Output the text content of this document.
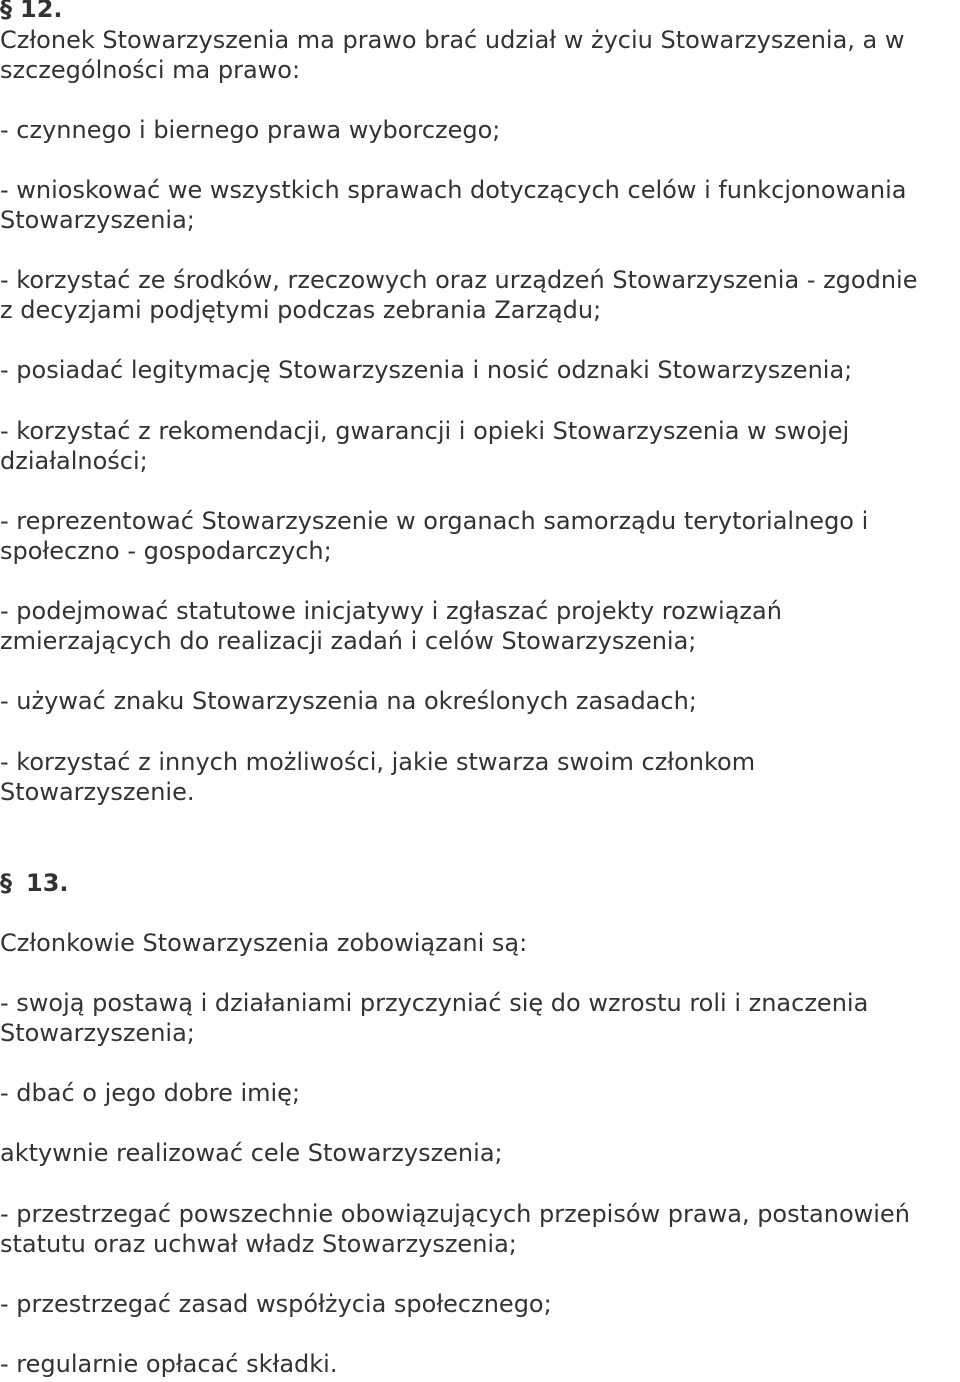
§ 12.
Członek Stowarzyszenia ma prawo brać udział w życiu Stowarzyszenia, a w
szczególności ma prawo:
- czynnego i biernego prawa wyborczego;
- wnioskować we wszystkich sprawach dotyczących celów i funkcjonowania
Stowarzyszenia;
- korzystać ze środków, rzeczowych oraz urządzeń Stowarzyszenia - zgodnie
z decyzjami podjętymi podczas zebrania Zarządu;
- posiadać legitymację Stowarzyszenia i nosić odznaki Stowarzyszenia;
- korzystać z rekomendacji, gwarancji i opieki Stowarzyszenia w swojej
działalności;
- reprezentować Stowarzyszenie w organach samorządu terytorialnego i
społeczno - gospodarczych;
- podejmować statutowe inicjatywy i zgłaszać projekty rozwiązań
zmierzających do realizacji zadań i celów Stowarzyszenia;
- używać znaku Stowarzyszenia na określonych zasadach;
- korzystać z innych możliwości, jakie stwarza swoim członkom
Stowarzyszenie.
§ 13.
Członkowie Stowarzyszenia zobowiązani są:
- swoją postawą i działaniami przyczyniać się do wzrostu roli i znaczenia
Stowarzyszenia;
- dbać o jego dobre imię;
aktywnie realizować cele Stowarzyszenia;
- przestrzegać powszechnie obowiązujących przepisów prawa, postanowień
statutu oraz uchwał władz Stowarzyszenia;
- przestrzegać zasad współżycia społecznego;
- regularnie opłacać składki.
